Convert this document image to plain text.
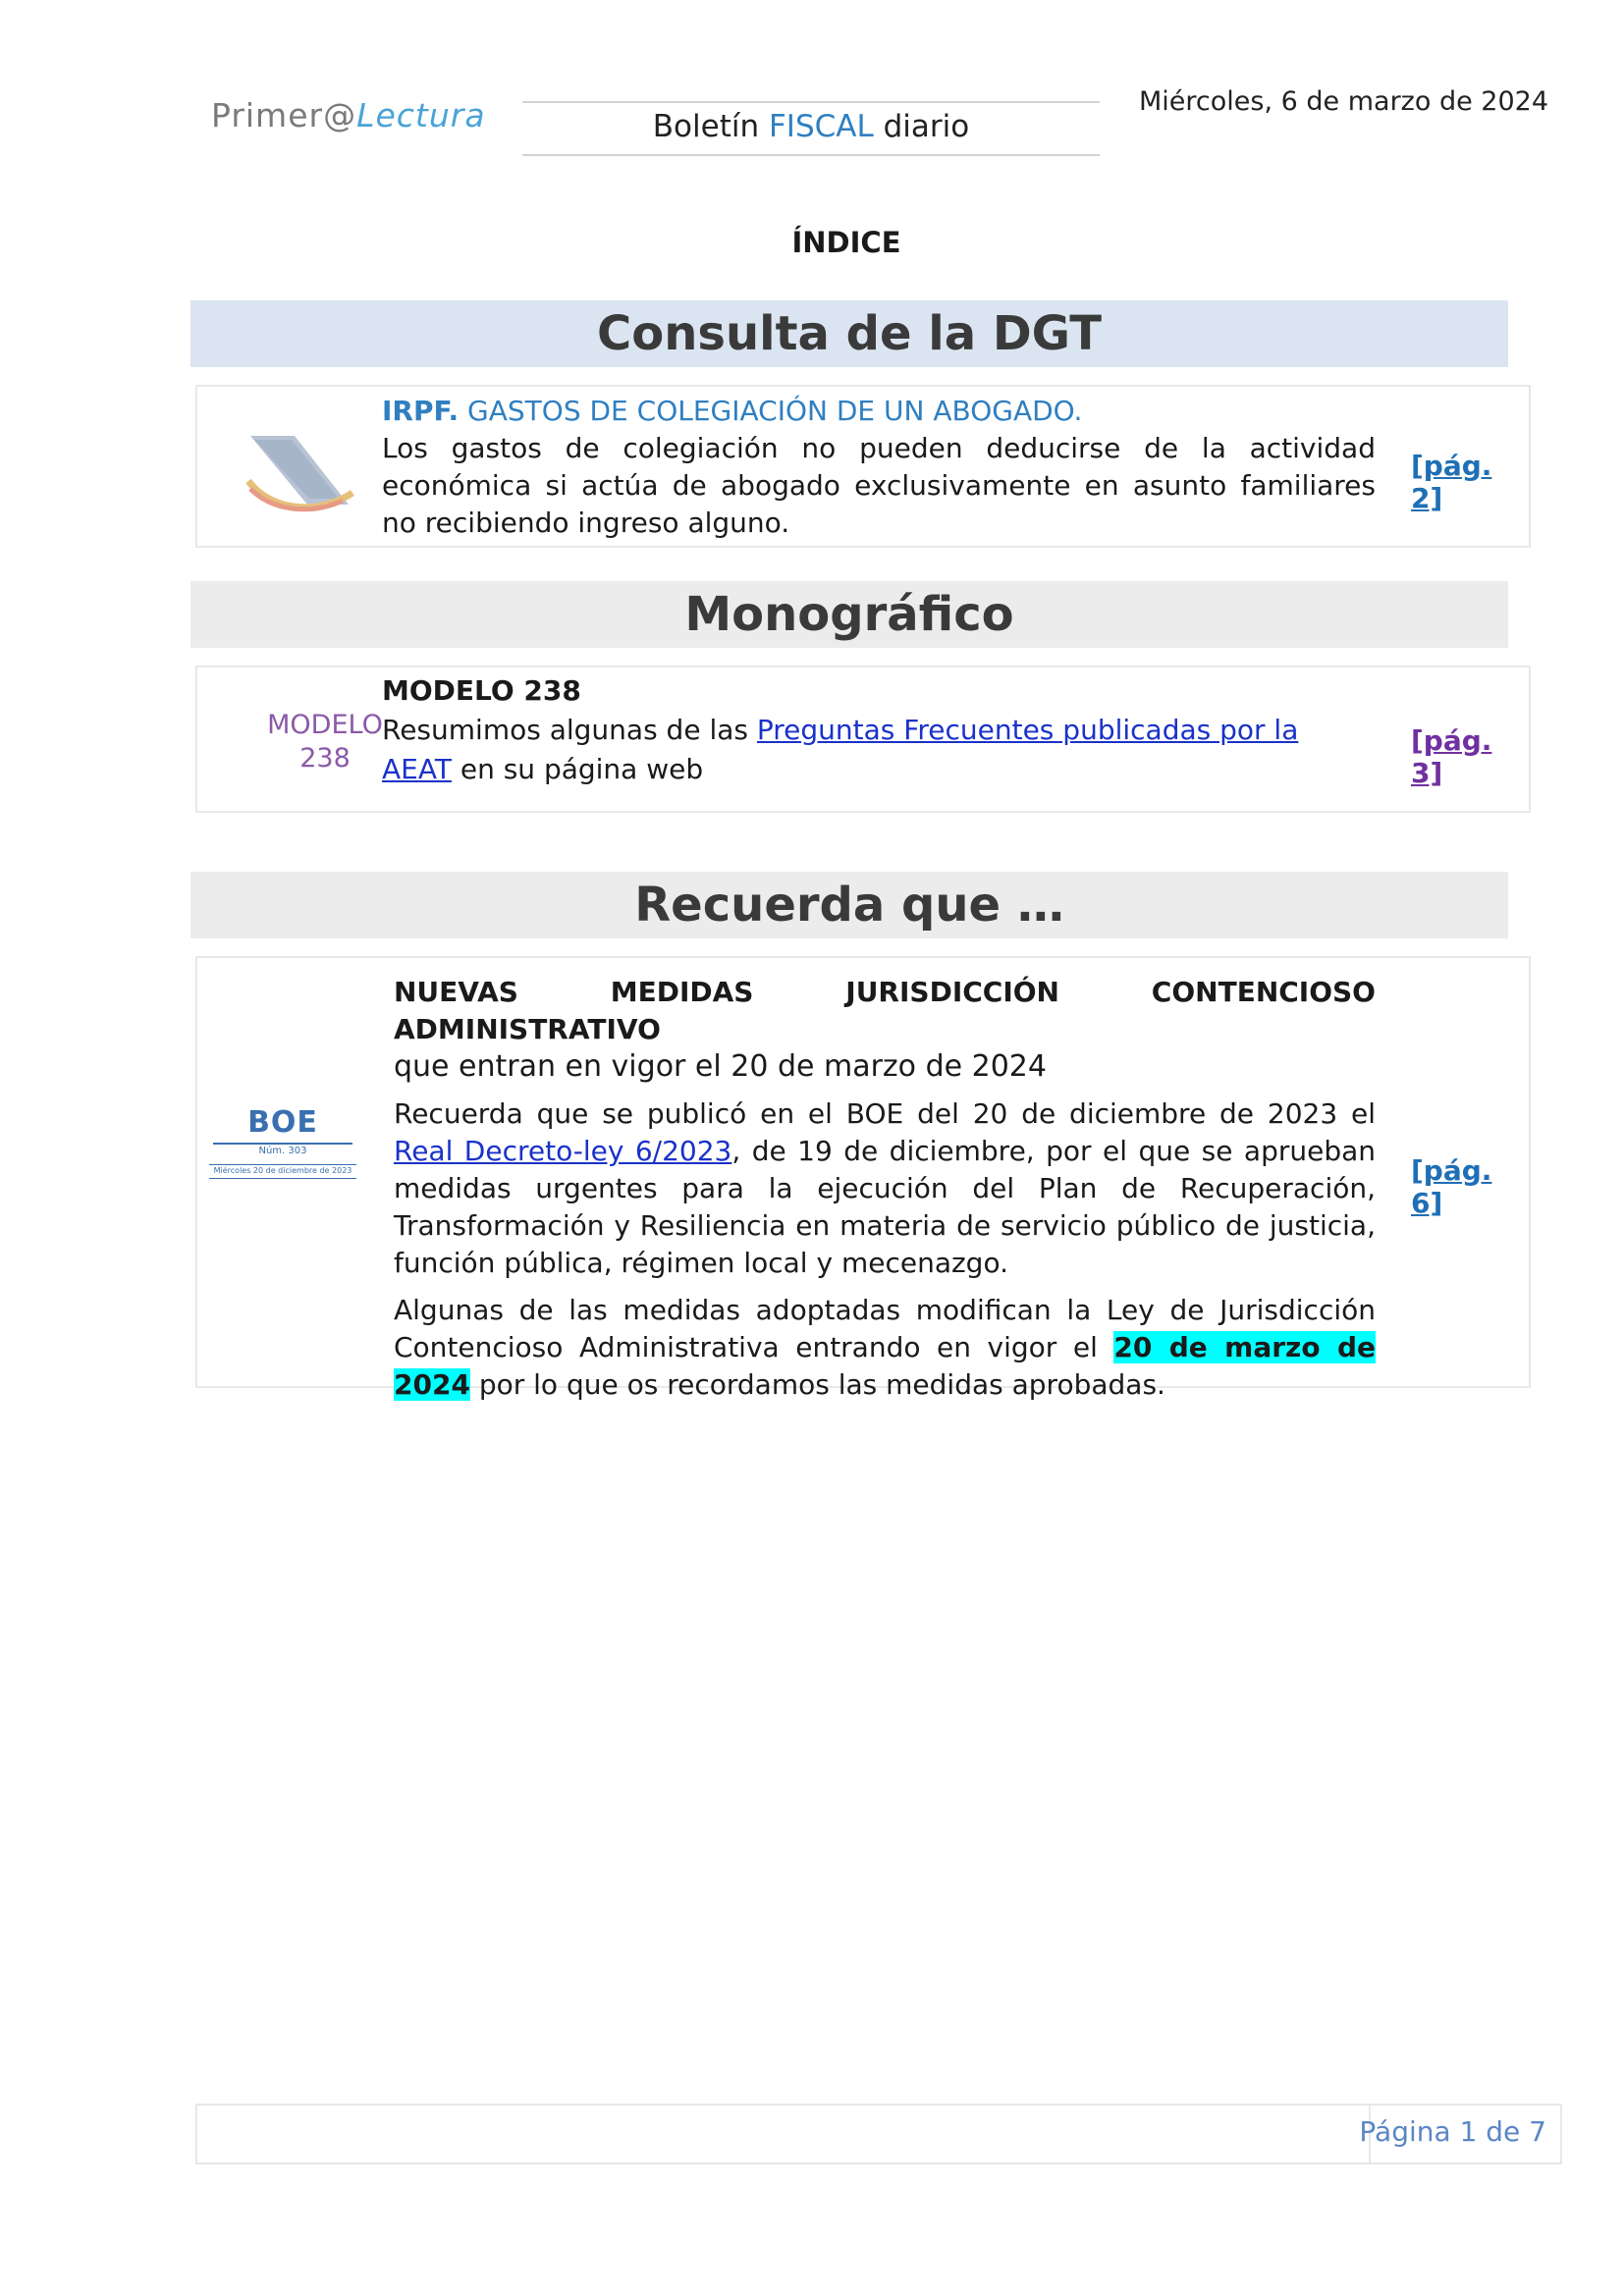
Primer@Lectura	Boletín FISCAL diario
Miércoles, 6 de marzo de 2024
ÍNDICE
Consulta de la DGT
IRPF. GASTOS DE COLEGIACIÓN DE UN ABOGADO.
Los gastos de colegiación no pueden deducirse de la actividad económica si actúa de abogado exclusivamente en asunto familiares no recibiendo ingreso alguno.
[pág. 2]
Monográfico
MODELO
238
MODELO 238
Resumimos algunas de las Preguntas Frecuentes publicadas por la AEAT en su página web
[pág. 3]
Recuerda que …
BOE
Núm. 303
Miércoles 20 de diciembre de 2023
NUEVAS MEDIDAS JURISDICCIÓN CONTENCIOSO ADMINISTRATIVO
que entran en vigor el 20 de marzo de 2024
Recuerda que se publicó en el BOE del 20 de diciembre de 2023 el Real Decreto-ley 6/2023, de 19 de diciembre, por el que se aprueban medidas urgentes para la ejecución del Plan de Recuperación, Transformación y Resiliencia en materia de servicio público de justicia, función pública, régimen local y mecenazgo.
Algunas de las medidas adoptadas modifican la Ley de Jurisdicción Contencioso Administrativa entrando en vigor el 20 de marzo de 2024 por lo que os recordamos las medidas aprobadas.
[pág. 6]
Página 1 de 7
